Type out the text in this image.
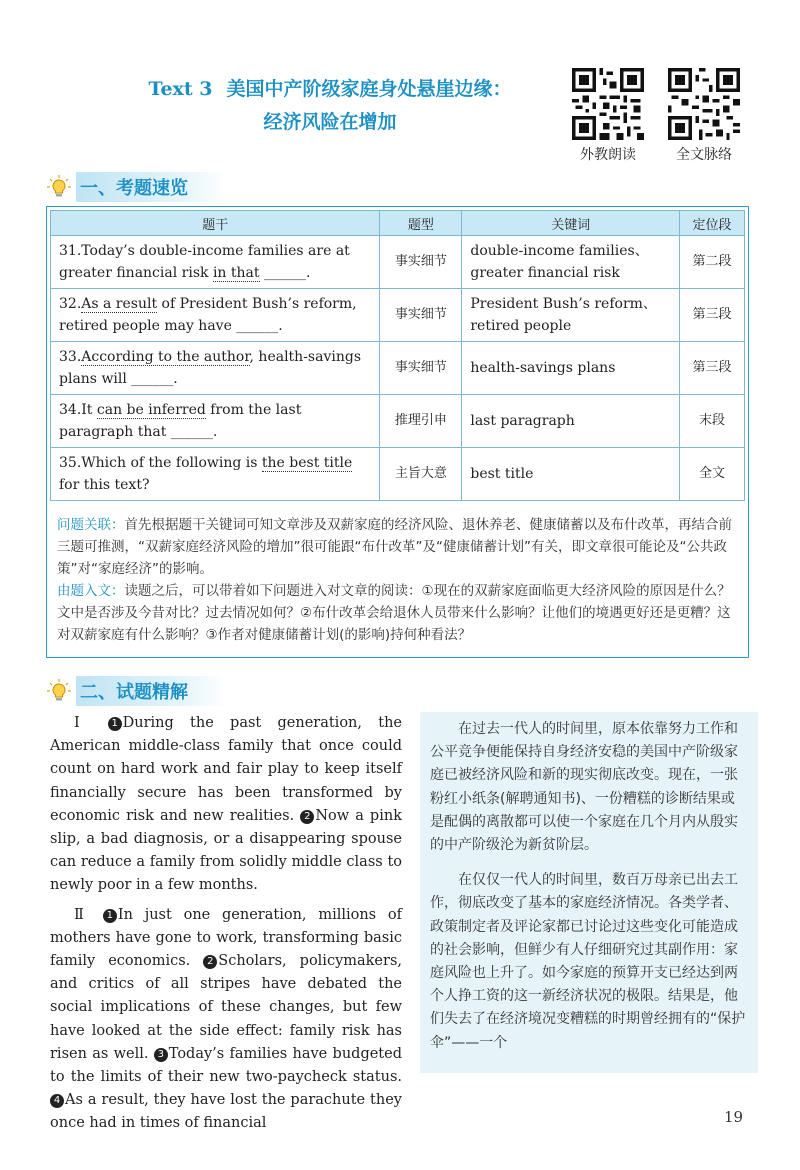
Text 3 美国中产阶级家庭身处悬崖边缘：
经济风险在增加
外教朗读	全文脉络
一、考题速览
题干	题型	关键词	定位段
31.Today’s double-income families are at greater financial risk in that ______.	事实细节	double-income families、greater financial risk	第二段
32.As a result of President Bush’s reform, retired people may have ______.	事实细节	President Bush’s reform、retired people	第三段
33.According to the author, health-savings plans will ______.	事实细节	health-savings plans	第三段
34.It can be inferred from the last paragraph that ______.	推理引申	last paragraph	末段
35.Which of the following is the best title for this text?	主旨大意	best title	全文
问题关联：首先根据题干关键词可知文章涉及双薪家庭的经济风险、退休养老、健康储蓄以及布什改革，再结合前三题可推测，“双薪家庭经济风险的增加”很可能跟“布什改革”及“健康储蓄计划”有关，即文章很可能论及“公共政策”对“家庭经济”的影响。
由题入文：读题之后，可以带着如下问题进入对文章的阅读：①现在的双薪家庭面临更大经济风险的原因是什么？文中是否涉及今昔对比？过去情况如何？②布什改革会给退休人员带来什么影响？让他们的境遇更好还是更糟？这对双薪家庭有什么影响？③作者对健康储蓄计划(的影响)持何种看法？
二、试题精解

Ⅰ 1 During the past generation, the American middle-class family that once could count on hard work and fair play to keep itself financially secure has been transformed by economic risk and new realities. 2 Now a pink slip, a bad diagnosis, or a disappearing spouse can reduce a family from solidly middle class to newly poor in a few months.

Ⅱ 1 In just one generation, millions of mothers have gone to work, transforming basic family economics. 2 Scholars, policymakers, and critics of all stripes have debated the social implications of these changes, but few have looked at the side effect: family risk has risen as well. 3 Today’s families have budgeted to the limits of their new two-paycheck status. 4 As a result, they have lost the parachute they once had in times of financial

在过去一代人的时间里，原本依靠努力工作和公平竞争便能保持自身经济安稳的美国中产阶级家庭已被经济风险和新的现实彻底改变。现在，一张粉红小纸条(解聘通知书)、一份糟糕的诊断结果或是配偶的离散都可以使一个家庭在几个月内从殷实的中产阶级沦为新贫阶层。

在仅仅一代人的时间里，数百万母亲已出去工作，彻底改变了基本的家庭经济情况。各类学者、政策制定者及评论家都已讨论过这些变化可能造成的社会影响，但鲜少有人仔细研究过其副作用：家庭风险也上升了。如今家庭的预算开支已经达到两个人挣工资的这一新经济状况的极限。结果是，他们失去了在经济境况变糟糕的时期曾经拥有的“保护伞”——一个

19
